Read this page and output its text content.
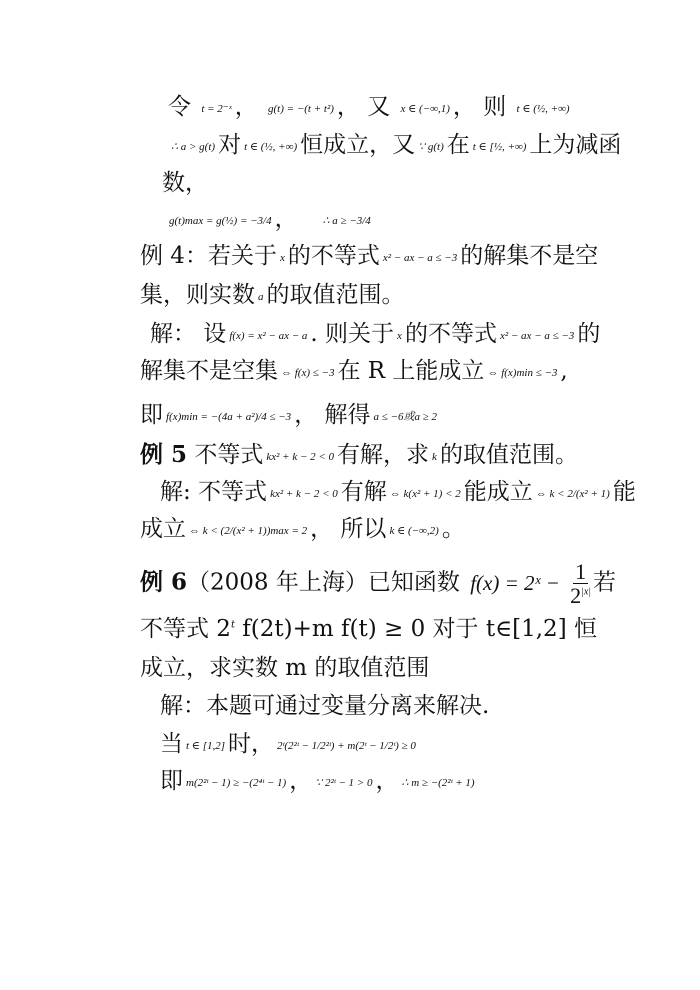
令 t = 2⁻ˣ ， g(t) = −(t + t²) ， 又 x ∈ (−∞,1) ， 则 t ∈ (½, +∞)
∴ a > g(t) 对 t ∈ (½, +∞) 恒成立，又 ∵ g(t) 在 t ∈ [½, +∞) 上为减函
数，
g(t)max = g(½) = −3/4 ，   ∴ a ≥ −3/4
例 4：若关于 x 的不等式 x² − ax − a ≤ −3 的解集不是空
集，则实数 a 的取值范围。
解： 设 f(x) = x² − ax − a . 则关于 x 的不等式 x² − ax − a ≤ −3 的
解集不是空集 ⇔ f(x) ≤ −3 在 R 上能成立 ⇔ f(x)min ≤ −3 ,
即f(x)min = −(4a + a²)/4 ≤ −3 ， 解得 a ≤ −6或a ≥ 2
例 5 不等式 kx² + k − 2 < 0 有解，求 k 的取值范围。
解: 不等式 kx² + k − 2 < 0 有解 ⇔ k(x² + 1) < 2 能成立 ⇔ k < 2/(x² + 1) 能
成立 ⇔ k < (2/(x² + 1))max = 2 ， 所以 k ∈ (−∞,2) 。
例 6（2008 年上海）已知函数 f(x) = 2ˣ − $\frac{1}{2^{|x|}}$ 若
不等式 2$^t$ f(2t)+m f(t) ≥ 0 对于 t∈[1,2] 恒
成立，求实数 m 的取值范围
解：本题可通过变量分离来解决.
当t ∈ [1,2] 时， 2ᵗ(2²ᵗ − 1/2²ᵗ) + m(2ᵗ − 1/2ᵗ) ≥ 0
即m(2²ᵗ − 1) ≥ −(2⁴ᵗ − 1) ， ∵ 2²ᵗ − 1 > 0 ， ∴ m ≥ −(2²ᵗ + 1)
